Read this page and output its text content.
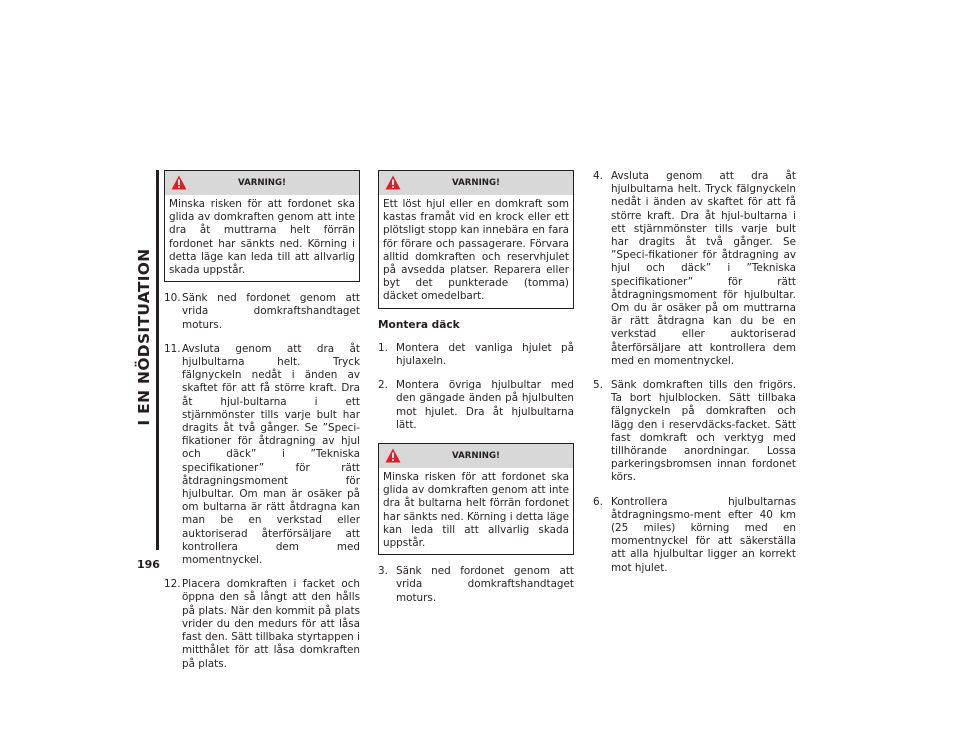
I EN NÖDSITUATION
196
VARNING!
Minska risken för att fordonet ska glida av domkraften genom att inte dra åt muttrarna helt förrän fordonet har sänkts ned. Körning i detta läge kan leda till att allvarlig skada uppstår.
10. Sänk ned fordonet genom att vrida domkraftshandtaget moturs.
11. Avsluta genom att dra åt hjulbultarna helt. Tryck fälgnyckeln nedåt i änden av skaftet för att få större kraft. Dra åt hjul-bultarna i ett stjärnmönster tills varje bult har dragits åt två gånger. Se ”Speci-fikationer för åtdragning av hjul och däck” i ”Tekniska specifikationer” för rätt åtdragningsmoment för hjulbultar. Om man är osäker på om bultarna är rätt åtdragna kan man be en verkstad eller auktoriserad återförsäljare att kontrollera dem med momentnyckel.
12. Placera domkraften i facket och öppna den så långt att den hålls på plats. När den kommit på plats vrider du den medurs för att låsa fast den. Sätt tillbaka styrtappen i mitthålet för att låsa domkraften på plats.
VARNING!
Ett löst hjul eller en domkraft som kastas framåt vid en krock eller ett plötsligt stopp kan innebära en fara för förare och passagerare. Förvara alltid domkraften och reservhjulet på avsedda platser. Reparera eller byt det punkterade (tomma) däcket omedelbart.
Montera däck
1. Montera det vanliga hjulet på hjulaxeln.
2. Montera övriga hjulbultar med den gängade änden på hjulbulten mot hjulet. Dra åt hjulbultarna lätt.
VARNING!
Minska risken för att fordonet ska glida av domkraften genom att inte dra åt bultarna helt förrän fordonet har sänkts ned. Körning i detta läge kan leda till att allvarlig skada uppstår.
3. Sänk ned fordonet genom att vrida domkraftshandtaget moturs.
4. Avsluta genom att dra åt hjulbultarna helt. Tryck fälgnyckeln nedåt i änden av skaftet för att få större kraft. Dra åt hjul-bultarna i ett stjärnmönster tills varje bult har dragits åt två gånger. Se ”Speci-fikationer för åtdragning av hjul och däck” i ”Tekniska specifikationer” för rätt åtdragningsmoment för hjulbultar. Om du är osäker på om muttrarna är rätt åtdragna kan du be en verkstad eller auktoriserad återförsäljare att kontrollera dem med en momentnyckel.
5. Sänk domkraften tills den frigörs. Ta bort hjulblocken. Sätt tillbaka fälgnyckeln på domkraften och lägg den i reservdäcks-facket. Sätt fast domkraft och verktyg med tillhörande anordningar. Lossa parkeringsbromsen innan fordonet körs.
6. Kontrollera hjulbultarnas åtdragningsmo-ment efter 40 km (25 miles) körning med en momentnyckel för att säkerställa att alla hjulbultar ligger an korrekt mot hjulet.
